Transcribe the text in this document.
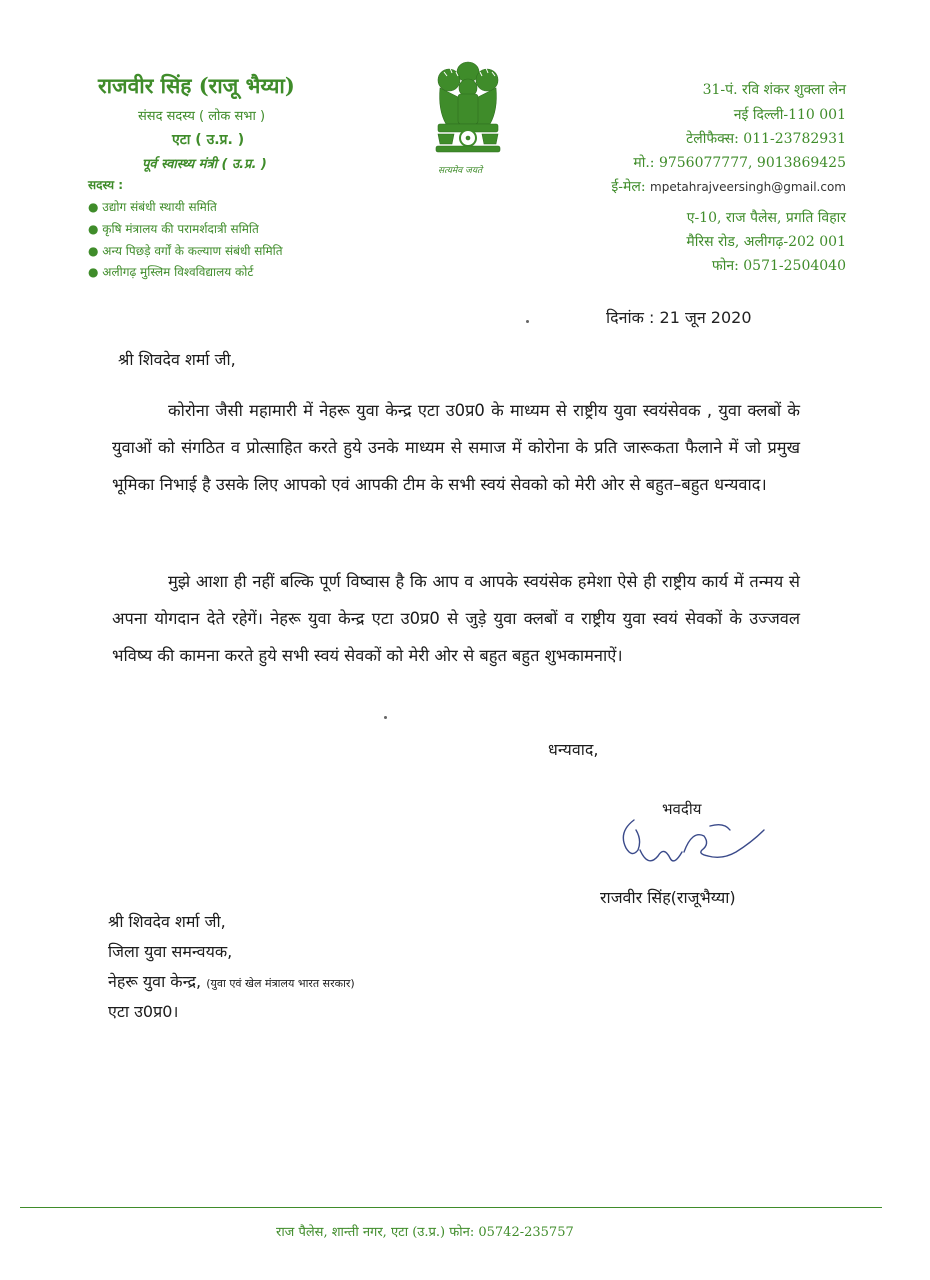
राजवीर सिंह (राजू भैय्या)
संसद सदस्य ( लोक सभा )
एटा ( उ.प्र. )
पूर्व स्वास्थ्य मंत्री ( उ.प्र. )
सदस्य :
● उद्योग संबंधी स्थायी समिति
● कृषि मंत्रालय की परामर्शदात्री समिति
● अन्य पिछड़े वर्गों के कल्याण संबंधी समिति
● अलीगढ़ मुस्लिम विश्वविद्यालय कोर्ट
सत्यमेव जयते
31-पं. रवि शंकर शुक्ला लेन
नई दिल्ली-110 001
टेलीफैक्स: 011-23782931
मो.: 9756077777, 9013869425
ई-मेल: mpetahrajveersingh@gmail.com
ए-10, राज पैलेस, प्रगति विहार
मैरिस रोड, अलीगढ़-202 001
फोन: 0571-2504040
दिनांक : 21 जून 2020
श्री शिवदेव शर्मा जी,
कोरोना जैसी महामारी में नेहरू युवा केन्द्र एटा उ0प्र0 के माध्यम से राष्ट्रीय युवा स्वयंसेवक , युवा क्लबों के युवाओं को संगठित व प्रोत्साहित करते हुये उनके माध्यम से समाज में कोरोना के प्रति जारूकता फैलाने में जो प्रमुख भूमिका निभाई है उसके लिए आपको एवं आपकी टीम के सभी स्वयं सेवको को मेरी ओर से बहुत–बहुत धन्यवाद।
मुझे आशा ही नहीं बल्कि पूर्ण विष्वास है कि आप व आपके स्वयंसेक हमेशा ऐसे ही राष्ट्रीय कार्य में तन्मय से अपना योगदान देते रहेगें। नेहरू युवा केन्द्र एटा उ0प्र0 से जुड़े युवा क्लबों व राष्ट्रीय युवा स्वयं सेवकों के उज्जवल भविष्य की कामना करते हुये सभी स्वयं सेवकों को मेरी ओर से बहुत बहुत शुभकामनाऐं।
धन्यवाद,
भवदीय
राजवीर सिंह(राजूभैय्या)
श्री शिवदेव शर्मा जी,
जिला युवा समन्वयक,
नेहरू युवा केन्द्र, (युवा एवं खेल मंत्रालय भारत सरकार)
एटा उ0प्र0।
राज पैलेस, शान्ती नगर, एटा (उ.प्र.) फोन: 05742-235757
